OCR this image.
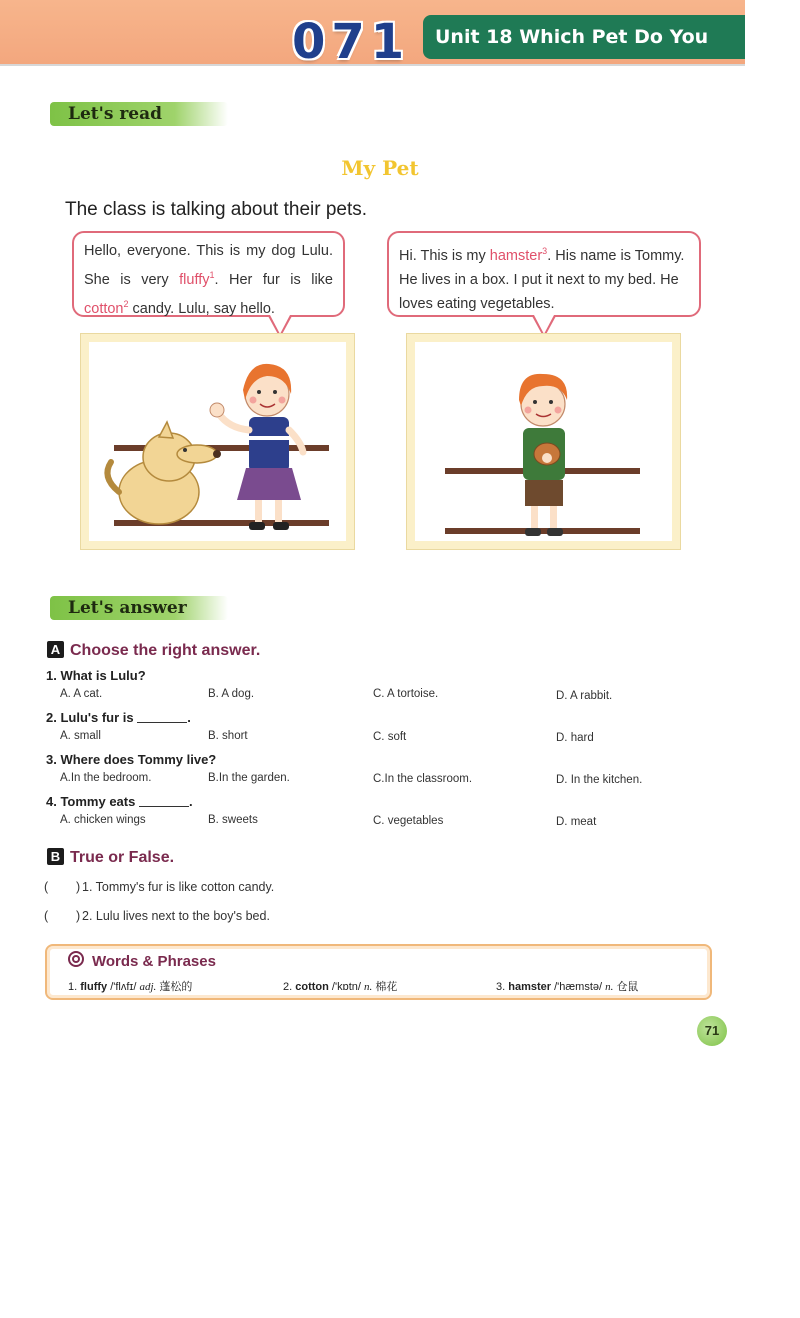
071	Unit 18 Which Pet Do You Like?
Let's read
My Pet
The class is talking about their pets.
Hello, everyone. This is my dog Lulu. She is very fluffy$^1$. Her fur is like cotton$^2$ candy. Lulu, say hello.
Hi. This is my hamster$^3$. His name is Tommy. He lives in a box. I put it next to my bed. He loves eating vegetables.
Let's answer
A Choose the right answer.
1. What is Lulu?
A. A cat.	B. A dog.	C. A tortoise.	D. A rabbit.
2. Lulu's fur is	.
A. small	B. short	C. soft	D. hard
3. Where does Tommy live?
A.In the bedroom.	B.In the garden.	C.In the classroom.	D. In the kitchen.
4. Tommy eats	.
A. chicken wings	B. sweets	C. vegetables	D. meat
B True or False.
(        ) 1. Tommy's fur is like cotton candy.
(        ) 2. Lulu lives next to the boy's bed.
Words & Phrases
1. fluffy /'flʌfɪ/ adj. 蓬松的	2. cotton /'kɒtn/ n. 棉花	3. hamster /'hæmstə/ n. 仓鼠
71
